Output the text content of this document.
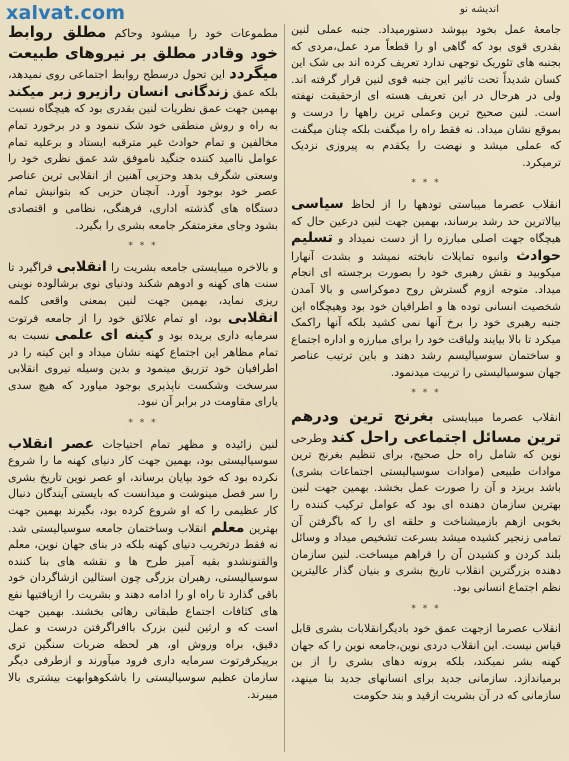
xalvat.com	اندیشه نو

جامعهٔ عمل بخود بپوشد دستورمیداد. جنبه عملی لنین بقدری قوی بود که گاهی او را قطعاً مرد عمل،مردی که بجنبه های تئوریک توجهی ندارد تعریف کرده اند بی شک این کسان شدیداً تحت تاثیر این جنبه قوی لنین قرار گرفته اند. ولی در هرحال در این تعریف هسته ای ازحقیقت نهفته است. لنین صحیح ترین وعملی ترین راهها را درست و بموقع نشان میداد. نه فقط راه را میگفت بلکه چنان میگفت که عملی میشد و نهضت را یکقدم به پیروزی نزدیک ترمیکرد.

* * *

انقلاب عصرما میباستی تودهها را از لحاظ سیاسی بیالاترین حد رشد برساند، بهمین جهت لنین درعین حال که هیچگاه جهت اصلی مبارزه را از دست نمیداد و تسلیم حوادث وانبوه تمایلات نابخته نمیشد و بشدت آنهارا میکوبید و نقش رهبری خود را بصورت برجسته ای انجام میداد. متوجه ازوم گسترش روح دموکراسی و بالا آمدن شخصیت انسانی توده ها و اطرافیان خود بود وهیچگاه این جنبه رهبری خود را برخ آنها نمی کشید بلکه آنها راکمک میکرد تا بالا بیایند ولیاقت خود را برای مبارزه و اداره اجتماع و ساختمان سوسیالیسم رشد دهند و باین ترتیب عناصر جهان سوسیالیستی را تربیت میدنمود.

* * *

انقلاب عصرما میبایستی بغرنج ترین ودرهم ترین مسائل اجتماعی راحل کند وطرحی نوین که شامل راه حل صحیح، برای تنظیم بغرنج ترین موادات طبیعی (موادات سوسیالیستی اجتماعات بشری) باشد بریزد و آن را صورت عمل بخشد. بهمین جهت لنین بهترین سازمان دهنده ای بود که عوامل ترکیب کننده را بخوبی ازهم بازمیشناخت و حلقه ای را که باگرفتن آن تمامی زنجیر کشیده میشد بسرعت تشخیص میداد و وسائل بلند کردن و کشیدن آن را فراهم میساخت. لنین سازمان دهنده بزرگترین انقلاب تاریخ بشری و بنیان گذار عالیترین نظم اجتماع انسانی بود.

* * *

انقلاب عصرما ازجهت عمق خود بادیگرانقلابات بشری قابل قیاس نیست. این انقلاب دردی نوین،جامعه نوین را که جهان کهنه بشر نمیکند، بلکه برونه دهای بشری را از بن برمیاندازد. سازمانی جدید برای انسانهای جدید بنا مینهد، سازمانی که در آن بشریت ازقید و بند حکومت

مطموعات خود را میشود وحاکم مطلق روابط خود وقادر مطلق بر نیروهای طبیعت میگردد این تحول درسطح روابط اجتماعی روی نمیدهد، بلکه عمق زندگانی انسان رازیرو زبر میکند بهمین جهت عمق نظریات لنین بقدری بود که هیچگاه نسبت به راه و روش منطقی خود شک ننمود و در برخورد تمام مخالفین و تمام حوادث غیر مترقبه ایستاد و برعلیه تمام عوامل ناامید کننده جنگید ناموفق شد عمق نظری خود را وسعتی شگرف بدهد وحزبی آهنین از انقلابی ترین عناصر عصر خود بوجود آورد. آنچنان حزبی که بتوانیش تمام دستگاه های گذشته اداری، فرهنگی، نظامی و اقتصادی بشود وجای مغزمتفکر جامعه بشری را بگیرد.

* * *

و بالاخره میبایستی جامعه بشریت را انقلابی فراگیرد تا سنت های کهنه و ادوهم شکند ودنیای نوی برشالوده نوینی ریزی نماید، بهمین جهت لنین بمعنی واقعی کلمه انقلابی بود، او تمام علائق خود را از جامعه فرتوت سرمایه داری بریده بود و کینه ای علمی نسبت به تمام مظاهر این اجتماع کهنه نشان میداد و این کینه را در اطرافیان خود تزریق مینمود و بدین وسیله نیروی انقلابی سرسخت وشکست ناپذیری بوجود میاورد که هیچ سدی یارای مقاومت در برابر آن نبود.

* * *

لنین زائیده و مظهر تمام احتیاجات عصر انقلاب سوسیالیستی بود، بهمین جهت کار دنیای کهنه ما را شروع نکرده بود که خود بپایان برساند، او عصر نوین تاریخ بشری را سر فصل مینوشت و میدانست که بایستی آیندگان دنبال کار عظیمی را که او شروع کرده بود، بگیرند بهمین جهت بهترین معلم انقلاب وساختمان جامعه سوسیالیستی شد. نه فقط درتخریب دنیای کهنه بلکه در بنای جهان نوین، معلم والقنونشدو بقیه آمیز طرح ها و نقشه های بنا کننده سوسیالیستی، رهبران بزرگی چون استالین ازشاگردان خود باقی گذارد تا راه او را ادامه دهند و بشریت را ازیافتیها نفع های کثافات اجتماع طبقاتی رهائی بخشند. بهمین جهت است که و ارثین لنین بزرک باافراگرفتن درست و عمل دقیق، براه وروش او، هر لحظه ضربات سنگین تری برپیکرفرتوت سرمایه داری فرود میآورند و ازطرفی دیگر سازمان عظیم سوسیالیستی را باشکوهوابهت بیشتری بالا میبرند.
